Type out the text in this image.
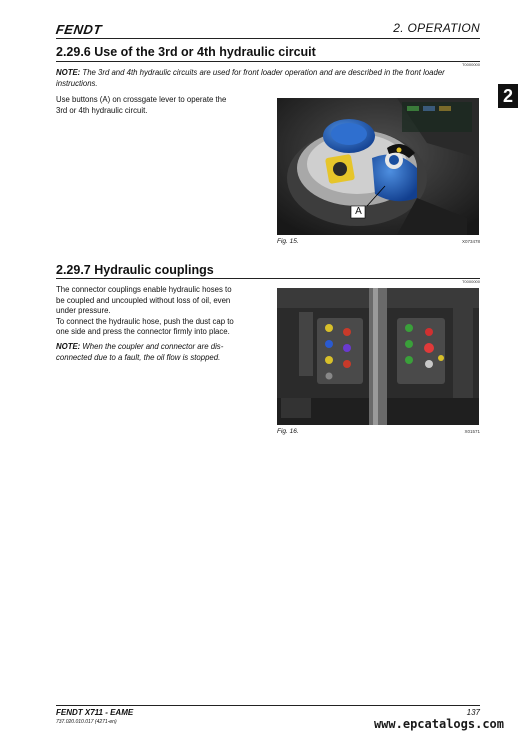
FENDT	2. OPERATION
2
2.29.6 Use of the 3rd or 4th hydraulic circuit
T0000000
NOTE: The 3rd and 4th hydraulic circuits are used for front loader operation and are described in the front loader instructions.
Use buttons (A) on crossgate lever to operate the
3rd or 4th hydraulic circuit.
A
Fig. 15.	X073478
2.29.7 Hydraulic couplings
T0000000
The connector couplings enable hydraulic hoses to
be coupled and uncoupled without loss of oil, even
under pressure.
To connect the hydraulic hose, push the dust cap to
one side and press the connector firmly into place.
NOTE: When the coupler and connector are dis-
connected due to a fault, the oil flow is stopped.
Fig. 16.	X01571
FENDT X711 - EAME
737.020.010.017 (4271-en)
137
www.epcatalogs.com
